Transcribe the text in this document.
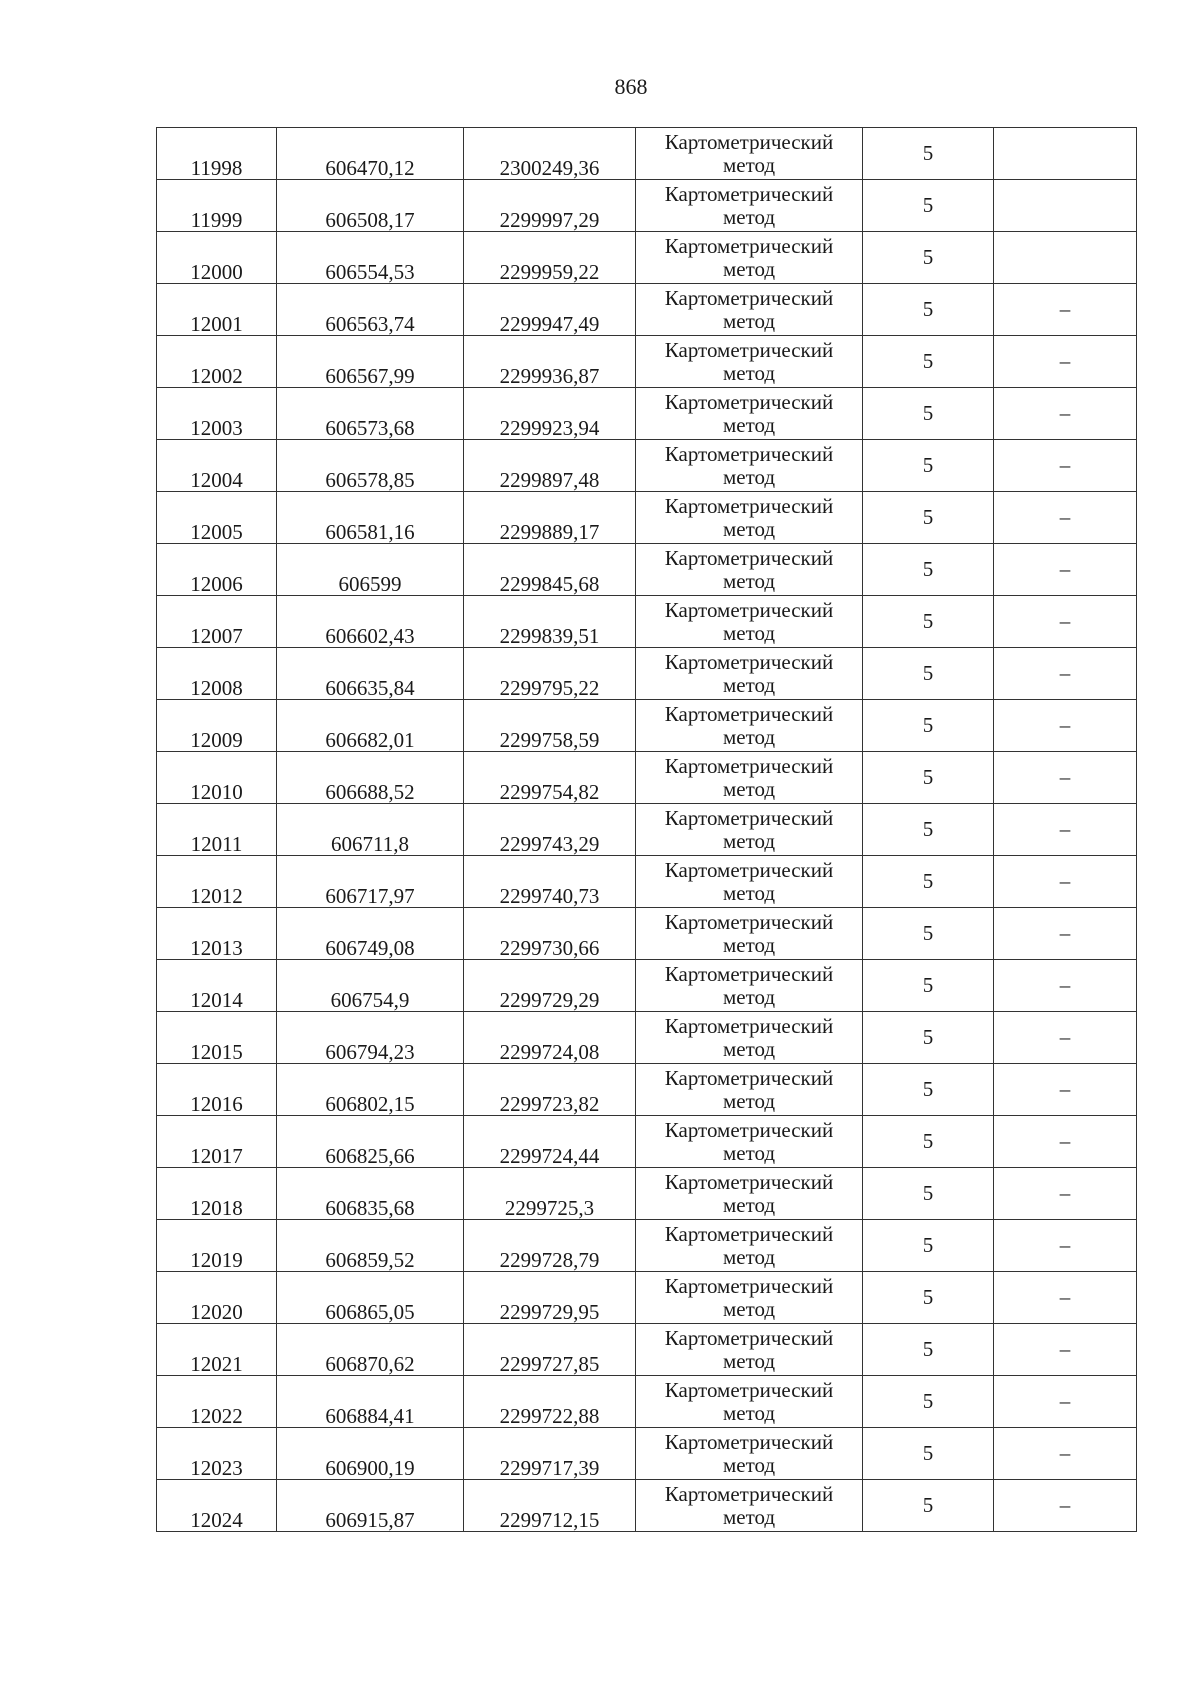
868
11998	606470,12	2300249,36	Картометрический
метод	5	
11999	606508,17	2299997,29	Картометрический
метод	5	
12000	606554,53	2299959,22	Картометрический
метод	5	
12001	606563,74	2299947,49	Картометрический
метод	5	–
12002	606567,99	2299936,87	Картометрический
метод	5	–
12003	606573,68	2299923,94	Картометрический
метод	5	–
12004	606578,85	2299897,48	Картометрический
метод	5	–
12005	606581,16	2299889,17	Картометрический
метод	5	–
12006	606599	2299845,68	Картометрический
метод	5	–
12007	606602,43	2299839,51	Картометрический
метод	5	–
12008	606635,84	2299795,22	Картометрический
метод	5	–
12009	606682,01	2299758,59	Картометрический
метод	5	–
12010	606688,52	2299754,82	Картометрический
метод	5	–
12011	606711,8	2299743,29	Картометрический
метод	5	–
12012	606717,97	2299740,73	Картометрический
метод	5	–
12013	606749,08	2299730,66	Картометрический
метод	5	–
12014	606754,9	2299729,29	Картометрический
метод	5	–
12015	606794,23	2299724,08	Картометрический
метод	5	–
12016	606802,15	2299723,82	Картометрический
метод	5	–
12017	606825,66	2299724,44	Картометрический
метод	5	–
12018	606835,68	2299725,3	Картометрический
метод	5	–
12019	606859,52	2299728,79	Картометрический
метод	5	–
12020	606865,05	2299729,95	Картометрический
метод	5	–
12021	606870,62	2299727,85	Картометрический
метод	5	–
12022	606884,41	2299722,88	Картометрический
метод	5	–
12023	606900,19	2299717,39	Картометрический
метод	5	–
12024	606915,87	2299712,15	Картометрический
метод	5	–
